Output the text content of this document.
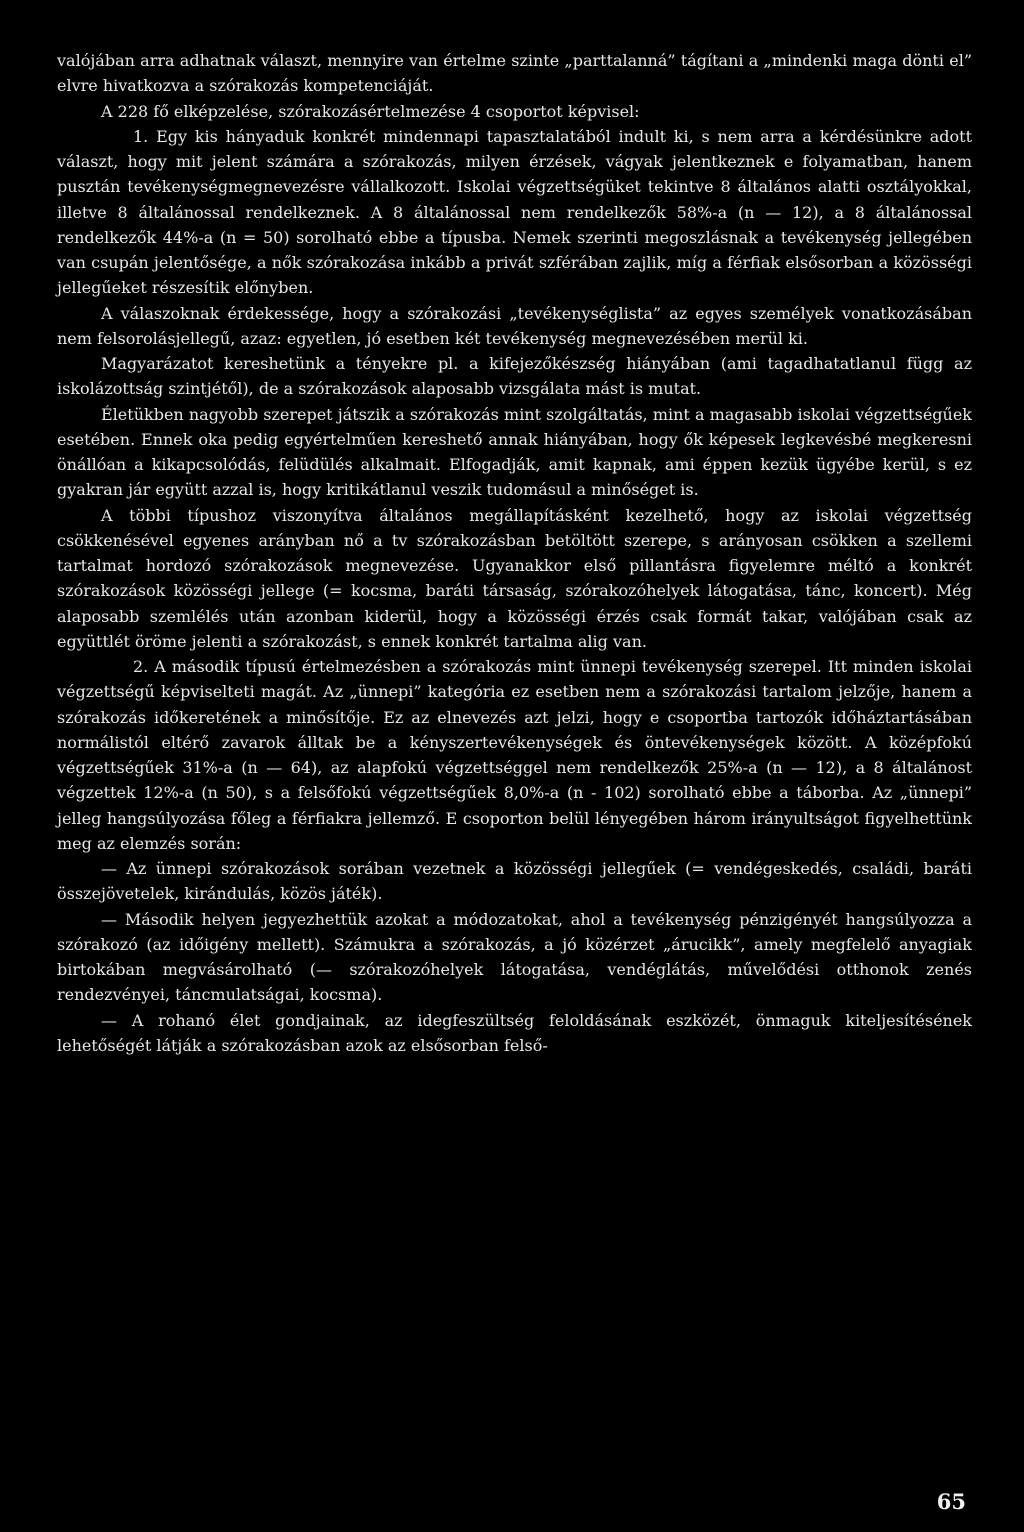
valójában arra adhatnak választ, mennyire van értelme szinte „parttalanná” tágítani a „mindenki maga dönti el” elvre hivatkozva a szórakozás kompetenciáját.

A 228 fő elképzelése, szórakozásértelmezése 4 csoportot képvisel:

1. Egy kis hányaduk konkrét mindennapi tapasztalatából indult ki, s nem arra a kérdésünkre adott választ, hogy mit jelent számára a szórakozás, milyen érzések, vágyak jelentkeznek e folyamatban, hanem pusztán tevékenységmegnevezésre vállalkozott. Iskolai végzettségüket tekintve 8 általános alatti osztályokkal, illetve 8 általánossal rendelkeznek. A 8 általánossal nem rendelkezők 58%-a (n — 12), a 8 általánossal rendelkezők 44%-a (n = 50) sorolható ebbe a típusba. Nemek szerinti megoszlásnak a tevékenység jellegében van csupán jelentősége, a nők szórakozása inkább a privát szférában zajlik, míg a férfiak elsősorban a közösségi jellegűeket részesítik előnyben.

A válaszoknak érdekessége, hogy a szórakozási „tevékenységlista” az egyes személyek vonatkozásában nem felsorolásjellegű, azaz: egyetlen, jó esetben két tevékenység megnevezésében merül ki.

Magyarázatot kereshetünk a tényekre pl. a kifejezőkészség hiányában (ami tagadhatatlanul függ az iskolázottság szintjétől), de a szórakozások alaposabb vizsgálata mást is mutat.

Életükben nagyobb szerepet játszik a szórakozás mint szolgáltatás, mint a magasabb iskolai végzettségűek esetében. Ennek oka pedig egyértelműen kereshető annak hiányában, hogy ők képesek legkevésbé megkeresni önállóan a kikapcsolódás, felüdülés alkalmait. Elfogadják, amit kapnak, ami éppen kezük ügyébe kerül, s ez gyakran jár együtt azzal is, hogy kritikátlanul veszik tudomásul a minőséget is.

A többi típushoz viszonyítva általános megállapításként kezelhető, hogy az iskolai végzettség csökkenésével egyenes arányban nő a tv szórakozásban betöltött szerepe, s arányosan csökken a szellemi tartalmat hordozó szórakozások megnevezése. Ugyanakkor első pillantásra figyelemre méltó a konkrét szórakozások közösségi jellege (= kocsma, baráti társaság, szórakozóhelyek látogatása, tánc, koncert). Még alaposabb szemlélés után azonban kiderül, hogy a közösségi érzés csak formát takar, valójában csak az együttlét öröme jelenti a szórakozást, s ennek konkrét tartalma alig van.

2. A második típusú értelmezésben a szórakozás mint ünnepi tevékenység szerepel. Itt minden iskolai végzettségű képviselteti magát. Az „ünnepi” kategória ez esetben nem a szórakozási tartalom jelzője, hanem a szórakozás időkeretének a minősítője. Ez az elnevezés azt jelzi, hogy e csoportba tartozók időháztartásában normálistól eltérő zavarok álltak be a kényszertevékenységek és öntevékenységek között. A középfokú végzettségűek 31%-a (n — 64), az alapfokú végzettséggel nem rendelkezők 25%-a (n — 12), a 8 általánost végzettek 12%-a (n 50), s a felsőfokú végzettségűek 8,0%-a (n - 102) sorolható ebbe a táborba. Az „ünnepi” jelleg hangsúlyozása főleg a férfiakra jellemző. E csoporton belül lényegében három irányultságot figyelhettünk meg az elemzés során:

— Az ünnepi szórakozások sorában vezetnek a közösségi jellegűek (= vendégeskedés, családi, baráti összejövetelek, kirándulás, közös játék).

— Második helyen jegyezhettük azokat a módozatokat, ahol a tevékenység pénzigényét hangsúlyozza a szórakozó (az időigény mellett). Számukra a szórakozás, a jó közérzet „árucikk”, amely megfelelő anyagiak birtokában megvásárolható (— szórakozóhelyek látogatása, vendéglátás, művelődési otthonok zenés rendezvényei, táncmulatságai, kocsma).

— A rohanó élet gondjainak, az idegfeszültség feloldásának eszközét, önmaguk kiteljesítésének lehetőségét látják a szórakozásban azok az elsősorban felső-

65
